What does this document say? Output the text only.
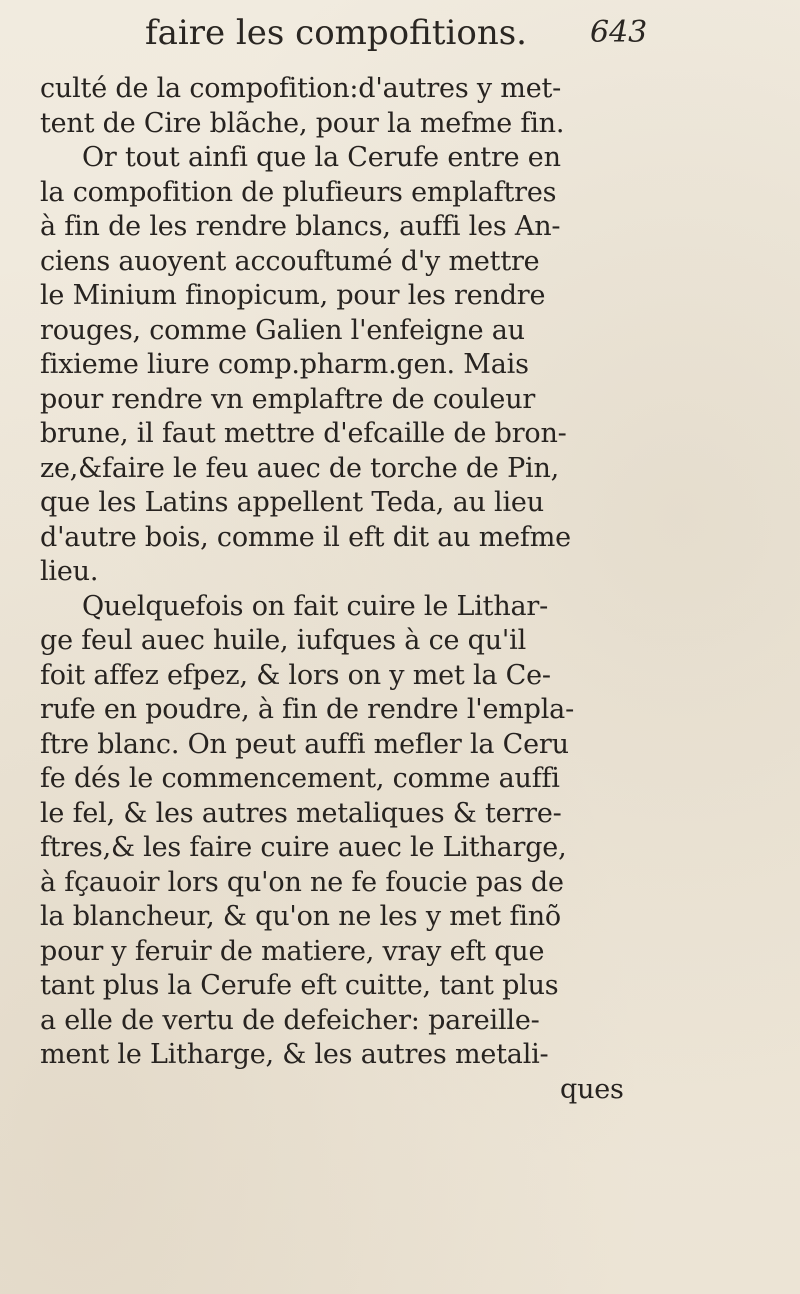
faire les compofitions. 643
culté de la compofition:d'autres y met-
tent de Cire blãche, pour la mefme fin.
Or tout ainfi que la Cerufe entre en
la compofition de plufieurs emplaftres
à fin de les rendre blancs, auffi les An-
ciens auoyent accouftumé d'y mettre
le Minium finopicum, pour les rendre
rouges, comme Galien l'enfeigne au
fixieme liure comp.pharm.gen. Mais
pour rendre vn emplaftre de couleur
brune, il faut mettre d'efcaille de bron-
ze,&faire le feu auec de torche de Pin,
que les Latins appellent Teda, au lieu
d'autre bois, comme il eft dit au mefme
lieu.
Quelquefois on fait cuire le Lithar-
ge feul auec huile, iufques à ce qu'il
foit affez efpez, & lors on y met la Ce-
rufe en poudre, à fin de rendre l'empla-
ftre blanc. On peut auffi mefler la Ceru
fe dés le commencement, comme auffi
le fel, & les autres metaliques & terre-
ftres,& les faire cuire auec le Litharge,
à fçauoir lors qu'on ne fe foucie pas de
la blancheur, & qu'on ne les y met finõ
pour y feruir de matiere, vray eft que
tant plus la Cerufe eft cuitte, tant plus
a elle de vertu de defeicher: pareille-
ment le Litharge, & les autres metali-
ques
